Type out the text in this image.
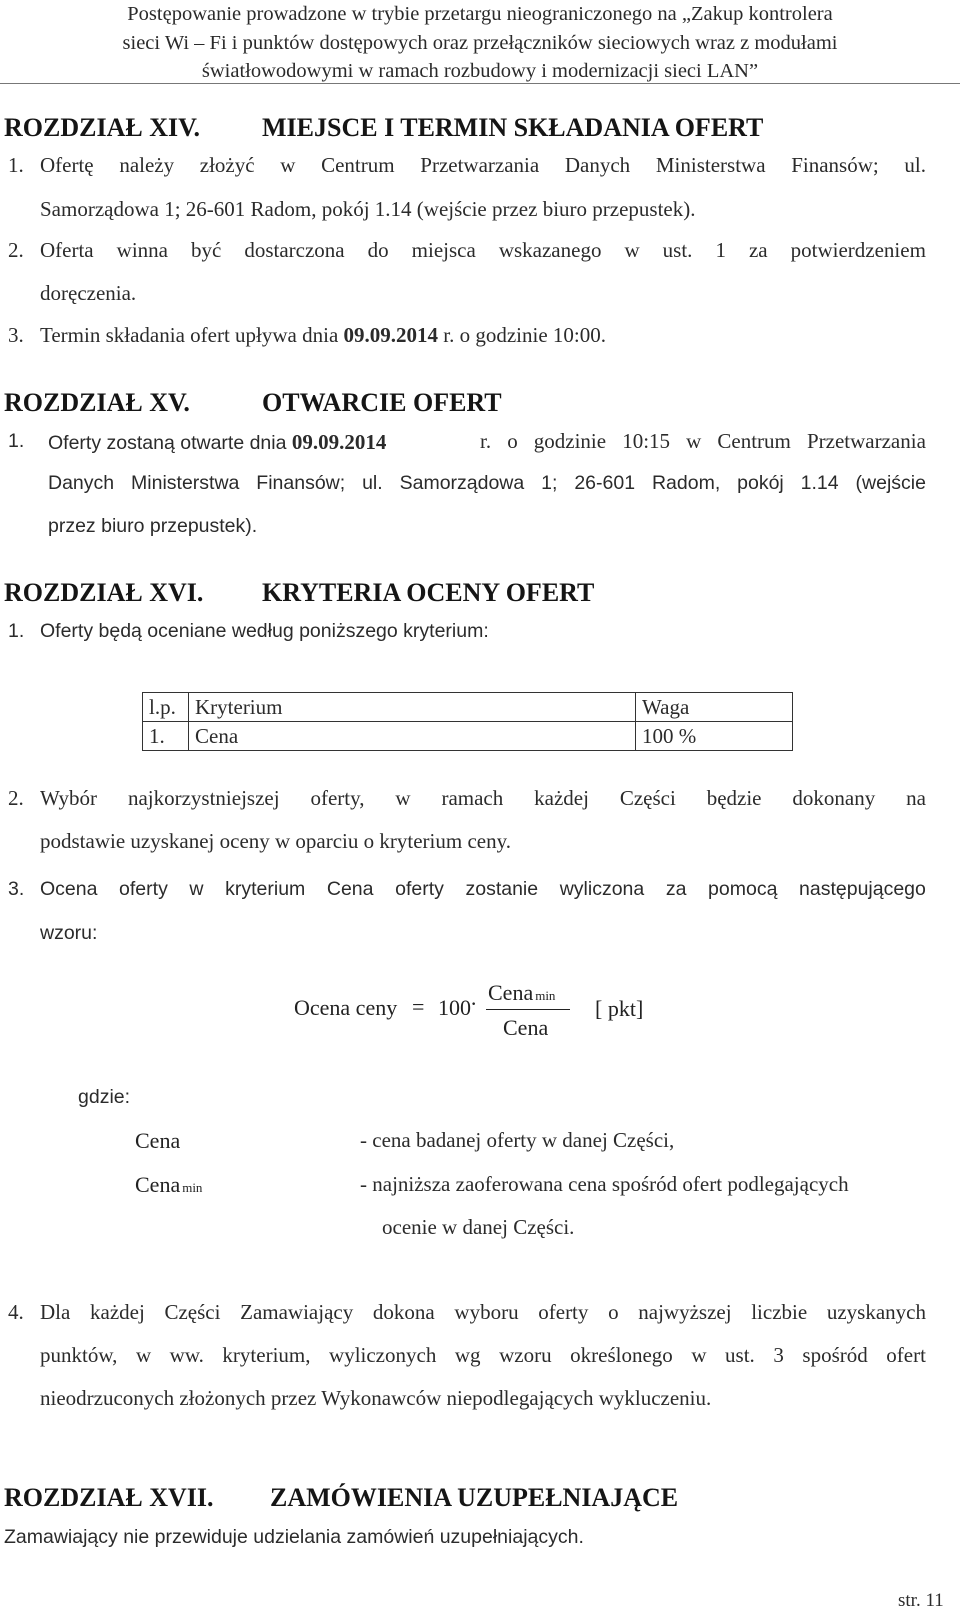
Postępowanie prowadzone w trybie przetargu nieograniczonego na „Zakup kontrolera
sieci Wi – Fi i punktów dostępowych oraz przełączników sieciowych wraz z modułami
światłowodowymi w ramach rozbudowy i modernizacji sieci LAN”
ROZDZIAŁ XIV. MIEJSCE I TERMIN SKŁADANIA OFERT
1. Ofertę należy złożyć w Centrum Przetwarzania Danych Ministerstwa Finansów; ul.
Samorządowa 1; 26-601 Radom, pokój 1.14 (wejście przez biuro przepustek).
2. Oferta winna być dostarczona do miejsca wskazanego w ust. 1 za potwierdzeniem
doręczenia.
3. Termin składania ofert upływa dnia 09.09.2014 r. o godzinie 10:00.
ROZDZIAŁ XV.	OTWARCIE OFERT
1. Oferty zostaną otwarte dnia 09.09.2014	r. o godzinie 10:15 w Centrum Przetwarzania
Danych Ministerstwa Finansów; ul. Samorządowa 1; 26-601 Radom, pokój 1.14 (wejście
przez biuro przepustek).
ROZDZIAŁ XVI. KRYTERIA OCENY OFERT
1. Oferty będą oceniane według poniższego kryterium:
l.p.	Kryterium	Waga
1.	Cena	100 %
2. Wybór najkorzystniejszej oferty, w ramach każdej Części będzie dokonany na
podstawie uzyskanej oceny w oparciu o kryterium ceny.
3. Ocena oferty w kryterium Cena oferty zostanie wyliczona za pomocą następującego
wzoru:
Ocena ceny = 100 · Cena min
Cena
[ pkt]
gdzie:
Cena	- cena badanej oferty w danej Części,
Cena min	- najniższa zaoferowana cena spośród ofert podlegających
ocenie w danej Części.
4. Dla każdej Części Zamawiający dokona wyboru oferty o najwyższej liczbie uzyskanych
punktów, w ww. kryterium, wyliczonych wg wzoru określonego w ust. 3 spośród ofert
nieodrzuconych złożonych przez Wykonawców niepodlegających wykluczeniu.
ROZDZIAŁ XVII. ZAMÓWIENIA UZUPEŁNIAJĄCE
Zamawiający nie przewiduje udzielania zamówień uzupełniających.
str. 11
